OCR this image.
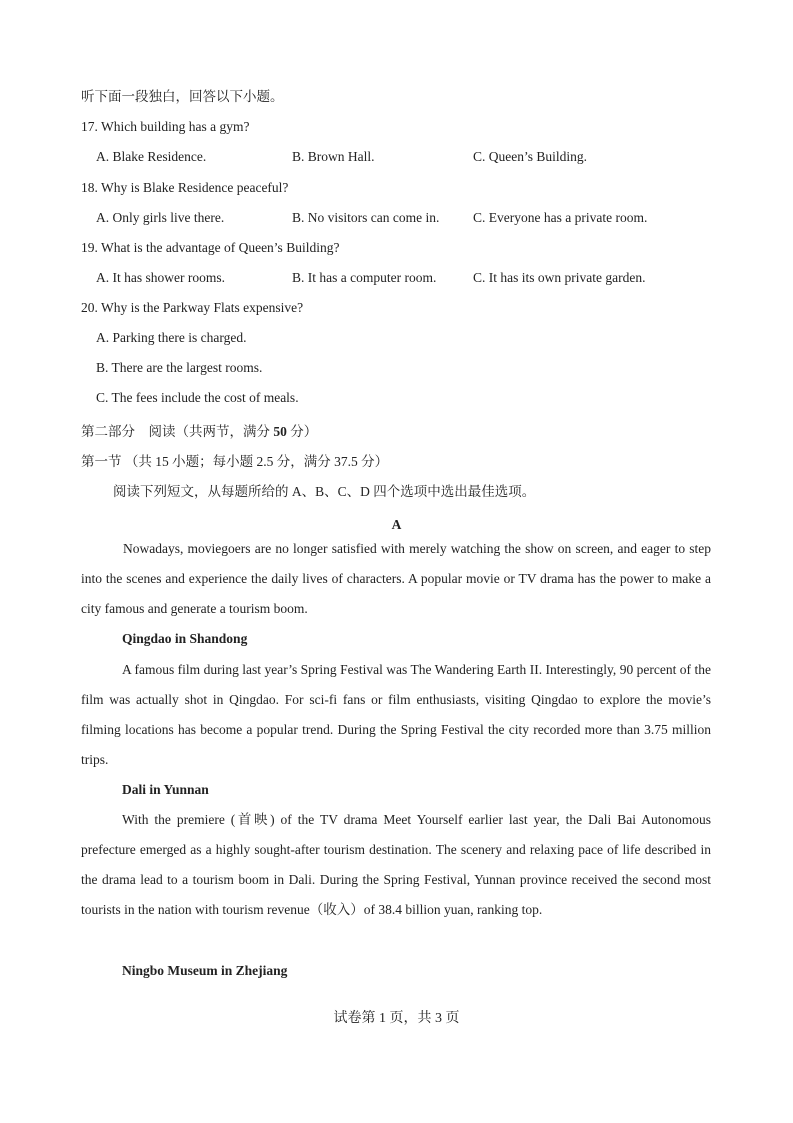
听下面一段独白，回答以下小题。
17. Which building has a gym?
A. Blake Residence.	B. Brown Hall.	C. Queen’s Building.
18. Why is Blake Residence peaceful?
A. Only girls live there.	B. No visitors can come in. C. Everyone has a private room.
19. What is the advantage of Queen’s Building?
A. It has shower rooms.	B. It has a computer room.	C. It has its own private garden.
20. Why is the Parkway Flats expensive?
A. Parking there is charged.
B. There are the largest rooms.
C. The fees include the cost of meals.
第二部分　阅读（共两节，满分 50 分）
第一节 （共 15 小题；每小题 2.5 分，满分 37.5 分）
阅读下列短文，从每题所给的 A、B、C、D 四个选项中选出最佳选项。
A
Nowadays, moviegoers are no longer satisfied with merely watching the show on screen, and eager to step into the scenes and experience the daily lives of characters. A popular movie or TV drama has the power to make a city famous and generate a tourism boom.
Qingdao in Shandong
A famous film during last year’s Spring Festival was The Wandering Earth II. Interestingly, 90 percent of the film was actually shot in Qingdao. For sci-fi fans or film enthusiasts, visiting Qingdao to explore the movie’s filming locations has become a popular trend. During the Spring Festival the city recorded more than 3.75 million trips.
Dali in Yunnan
With the premiere (首映) of the TV drama Meet Yourself earlier last year, the Dali Bai Autonomous prefecture emerged as a highly sought-after tourism destination. The scenery and relaxing pace of life described in the drama lead to a tourism boom in Dali. During the Spring Festival, Yunnan province received the second most tourists in the nation with tourism revenue（收入）of 38.4 billion yuan, ranking top.
Ningbo Museum in Zhejiang
试卷第 1 页，共 3 页
